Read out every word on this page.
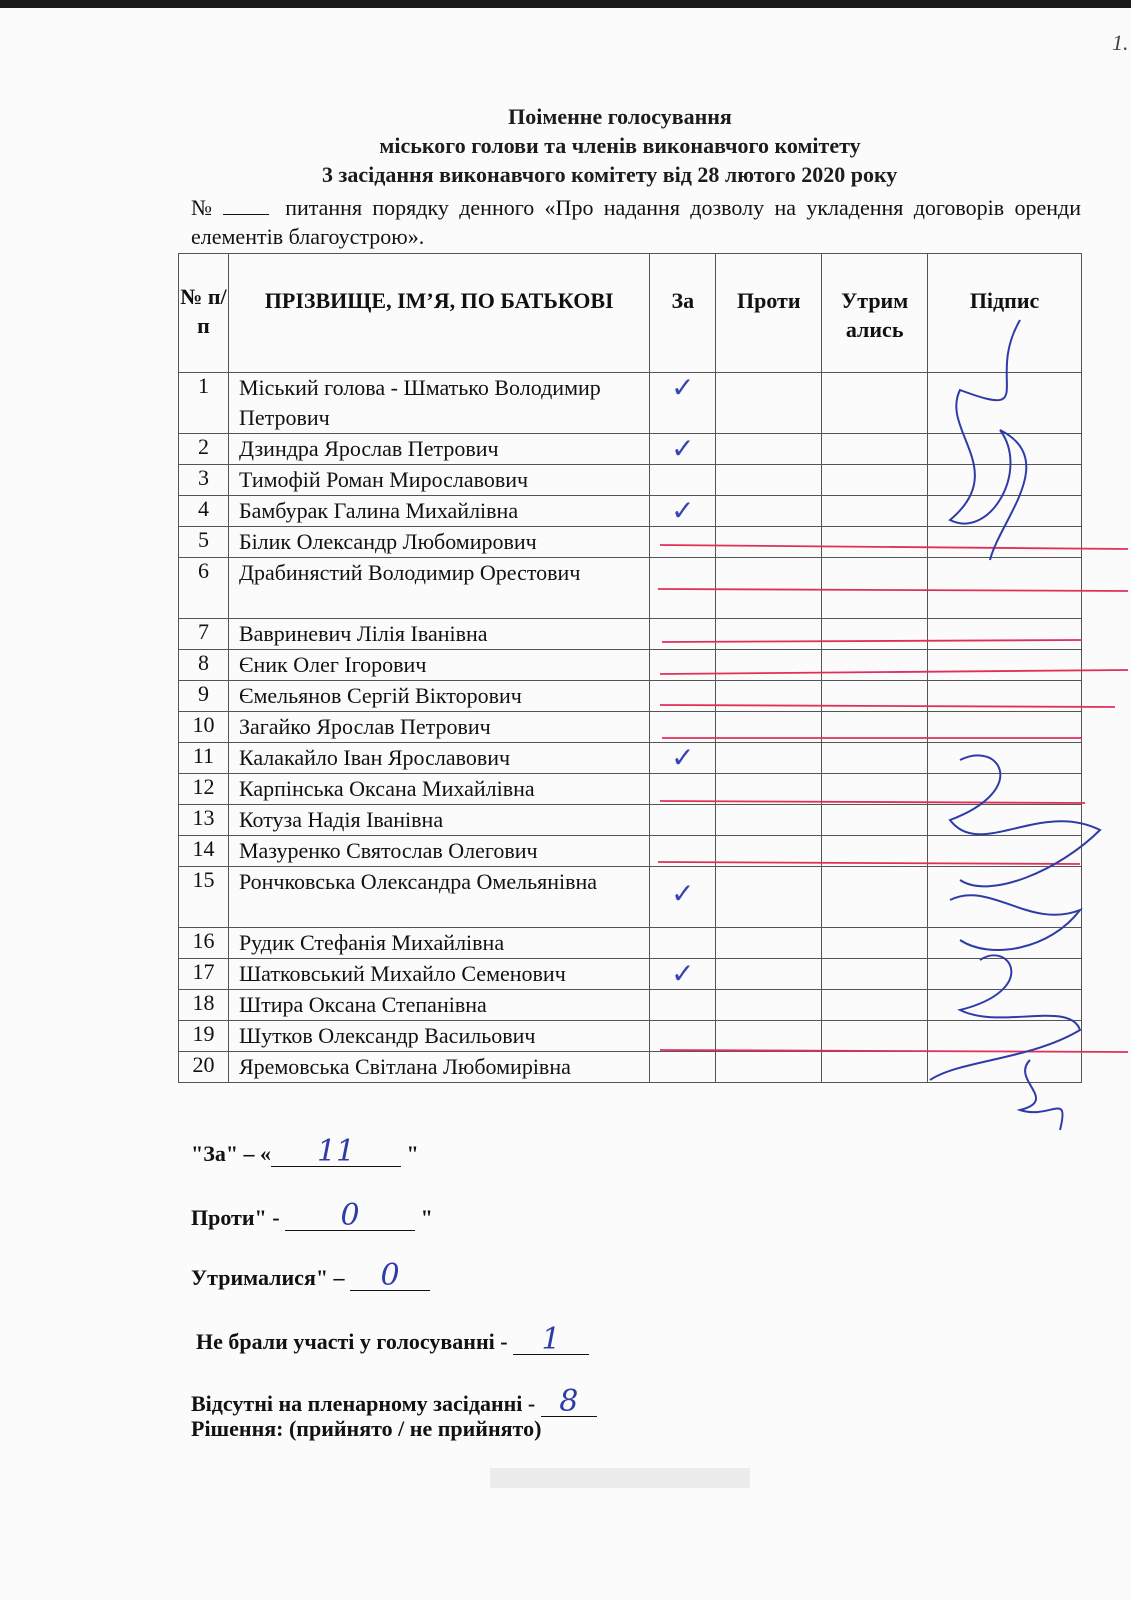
1.
Поіменне голосування
міського голови та членів виконавчого комітету
3 засідання виконавчого комітету від 28 лютого 2020 року
№	питання порядку денного «Про надання дозволу на укладення договорів оренди елементів благоустрою».
№ п/п	ПРІЗВИЩЕ, ІМ’Я, ПО БАТЬКОВІ	За	Проти	Утрим ались	Підпис
1	Міський голова - Шматько Володимир Петрович	✓			

2	Дзиндра Ярослав Петрович	✓			

3	Тимофій Роман Мирославович	

4	Бамбурак Галина Михайлівна	✓			

5	Білик Олександр Любомирович	

6	Драбинястий Володимир Орестович	

7	Вавриневич Лілія Іванівна	

8	Єник Олег Ігорович	

9	Ємельянов Сергій Вікторович	

10	Загайко Ярослав Петрович	

11	Калакайло Іван Ярославович	✓			

12	Карпінська Оксана Михайлівна	

13	Котуза Надія Іванівна	

14	Мазуренко Святослав Олегович	

15	Рончковська Олександра Омельянівна	✓			

16	Рудик Стефанія Михайлівна	

17	Шатковський Михайло Семенович	✓			

18	Штира Оксана Степанівна	

19	Шутков Олександр Васильович	

20	Яремовська Світлана Любомирівна	

"За" – « 11 "
Проти" - 0	"
Утрималися" – 0
Не брали участі у голосуванні - 1
Відсутні на пленарному засіданні - 8
Рішення: (прийнято / не прийнято)
